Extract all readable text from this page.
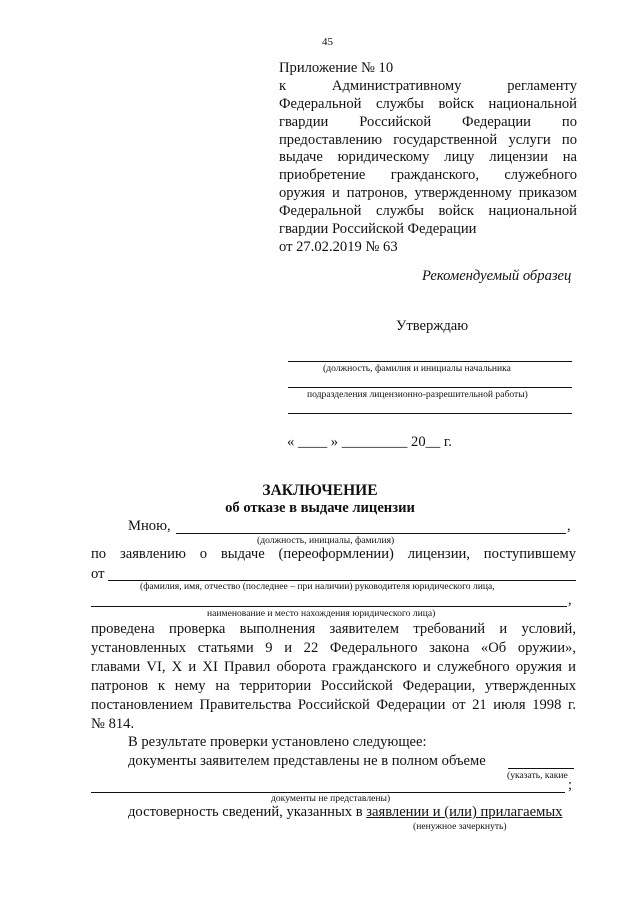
45
Приложение № 10
к Административному регламенту
Федеральной службы войск национальной
гвардии Российской Федерации по
предоставлению государственной услуги по
выдаче юридическому лицу лицензии на
приобретение гражданского, служебного
оружия и патронов, утвержденному приказом
Федеральной службы войск национальной
гвардии Российской Федерации
от 27.02.2019 № 63
Рекомендуемый образец
Утверждаю
(должность, фамилия и инициалы начальника
подразделения лицензионно-разрешительной работы)
« ____ » _________ 20__ г.
ЗАКЛЮЧЕНИЕ
об отказе в выдаче лицензии
Мною,	,
(должность, инициалы, фамилия)
по заявлению о выдаче (переоформлении) лицензии, поступившему
от
(фамилия, имя, отчество (последнее – при наличии) руководителя юридического лица,
,
наименование и место нахождения юридического лица)
проведена проверка выполнения заявителем требований и условий,
установленных статьями 9 и 22 Федерального закона «Об оружии»,
главами VI, X и XI Правил оборота гражданского и служебного оружия и
патронов к нему на территории Российской Федерации, утвержденных
постановлением Правительства Российской Федерации от 21 июля 1998 г.
№ 814.
В результате проверки установлено следующее:
документы заявителем представлены не в полном объеме
(указать, какие
;
документы не представлены)
достоверность сведений, указанных в заявлении и (или) прилагаемых
(ненужное зачеркнуть)
